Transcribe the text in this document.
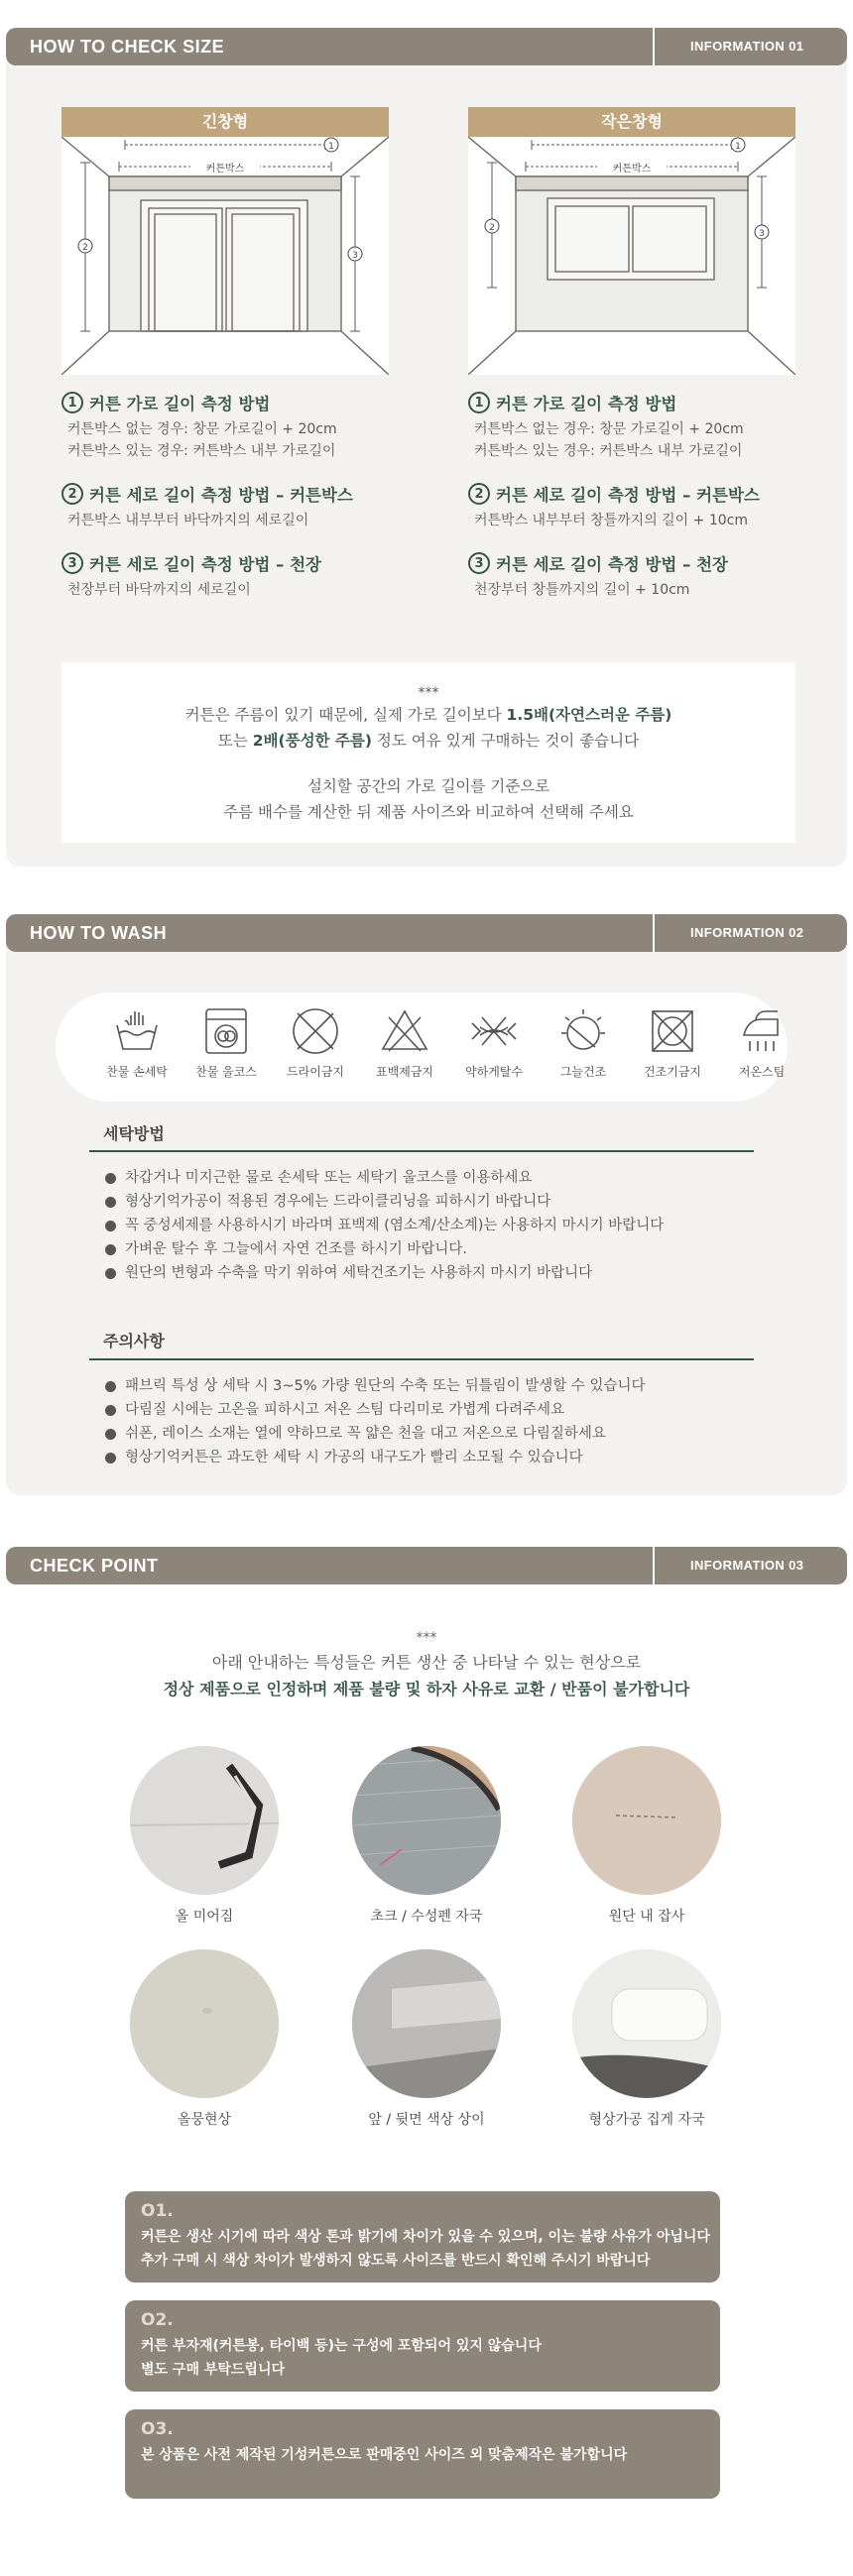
HOW TO CHECK SIZE	INFORMATION 01
긴창형
커튼박스
1
2
3
작은창형
커튼박스
1
2
3
1 커튼 가로 길이 측정 방법
커튼박스 없는 경우: 창문 가로길이 + 20cm
커튼박스 있는 경우: 커튼박스 내부 가로길이
2 커튼 세로 길이 측정 방법 – 커튼박스
커튼박스 내부부터 바닥까지의 세로길이
3 커튼 세로 길이 측정 방법 – 천장
천장부터 바닥까지의 세로길이
1 커튼 가로 길이 측정 방법
커튼박스 없는 경우: 창문 가로길이 + 20cm
커튼박스 있는 경우: 커튼박스 내부 가로길이
2 커튼 세로 길이 측정 방법 – 커튼박스
커튼박스 내부부터 창틀까지의 길이 + 10cm
3 커튼 세로 길이 측정 방법 – 천장
천장부터 창틀까지의 길이 + 10cm

***

커튼은 주름이 있기 때문에, 실제 가로 길이보다 1.5배(자연스러운 주름)

또는 2배(풍성한 주름) 정도 여유 있게 구매하는 것이 좋습니다

설치할 공간의 가로 길이를 기준으로

주름 배수를 계산한 뒤 제품 사이즈와 비교하여 선택해 주세요

HOW TO WASH	INFORMATION 02
찬물 손세탁	찬물 울코스	드라이금지	표백제금지	약하게탈수	그늘건조	건조기금지	저온스팀
세탁방법
차갑거나 미지근한 물로 손세탁 또는 세탁기 울코스를 이용하세요
형상기억가공이 적용된 경우에는 드라이클리닝을 피하시기 바랍니다
꼭 중성세제를 사용하시기 바라며 표백제 (염소계/산소계)는 사용하지 마시기 바랍니다
가벼운 탈수 후 그늘에서 자연 건조를 하시기 바랍니다.
원단의 변형과 수축을 막기 위하여 세탁건조기는 사용하지 마시기 바랍니다
주의사항
패브릭 특성 상 세탁 시 3~5% 가량 원단의 수축 또는 뒤틀림이 발생할 수 있습니다
다림질 시에는 고온을 피하시고 저온 스팀 다리미로 가볍게 다려주세요
쉬폰, 레이스 소재는 열에 약하므로 꼭 얇은 천을 대고 저온으로 다림질하세요
형상기억커튼은 과도한 세탁 시 가공의 내구도가 빨리 소모될 수 있습니다
CHECK POINT	INFORMATION 03

***

아래 안내하는 특성들은 커튼 생산 중 나타날 수 있는 현상으로

정상 제품으로 인정하며 제품 불량 및 하자 사유로 교환 / 반품이 불가합니다

올 미어짐	초크 / 수성펜 자국	원단 내 잡사
올뭉현상	앞 / 뒷면 색상 상이	형상가공 집게 자국
O1.
커튼은 생산 시기에 따라 색상 톤과 밝기에 차이가 있을 수 있으며, 이는 불량 사유가 아닙니다
추가 구매 시 색상 차이가 발생하지 않도록 사이즈를 반드시 확인해 주시기 바랍니다
O2.
커튼 부자재(커튼봉, 타이백 등)는 구성에 포함되어 있지 않습니다
별도 구매 부탁드립니다
O3.
본 상품은 사전 제작된 기성커튼으로 판매중인 사이즈 외 맞춤제작은 불가합니다
